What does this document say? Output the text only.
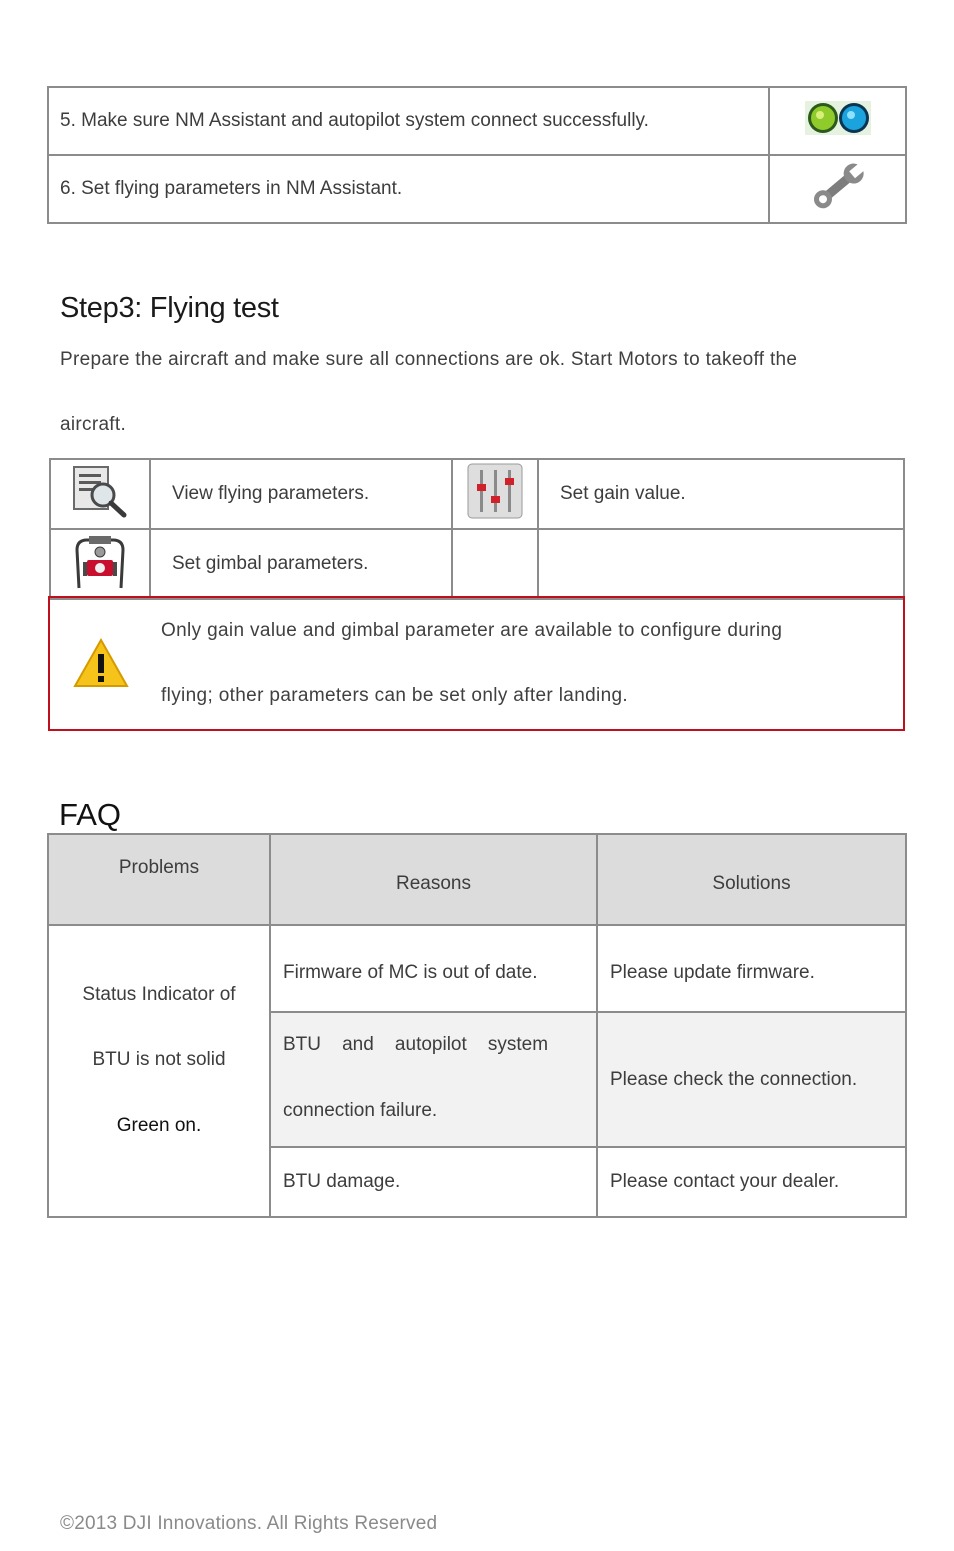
5. Make sure NM Assistant and autopilot system connect successfully.	
6. Set flying parameters in NM Assistant.	
Step3: Flying test
Prepare the aircraft and make sure all connections are ok. Start Motors to takeoff the
aircraft.
	View flying parameters.		Set gain value.
	Set gimbal parameters.		
Only gain value and gimbal parameter are available to configure during
flying; other parameters can be set only after landing.
FAQ
Problems	Reasons	Solutions

Status Indicator of
BTU is not solid
Green on.	Firmware of MC is out of date.	Please update firmware.

	BTU    and    autopilot    system
connection failure.	Please check the connection.
	BTU damage.	Please contact your dealer.
©2013 DJI Innovations. All Rights Reserved
